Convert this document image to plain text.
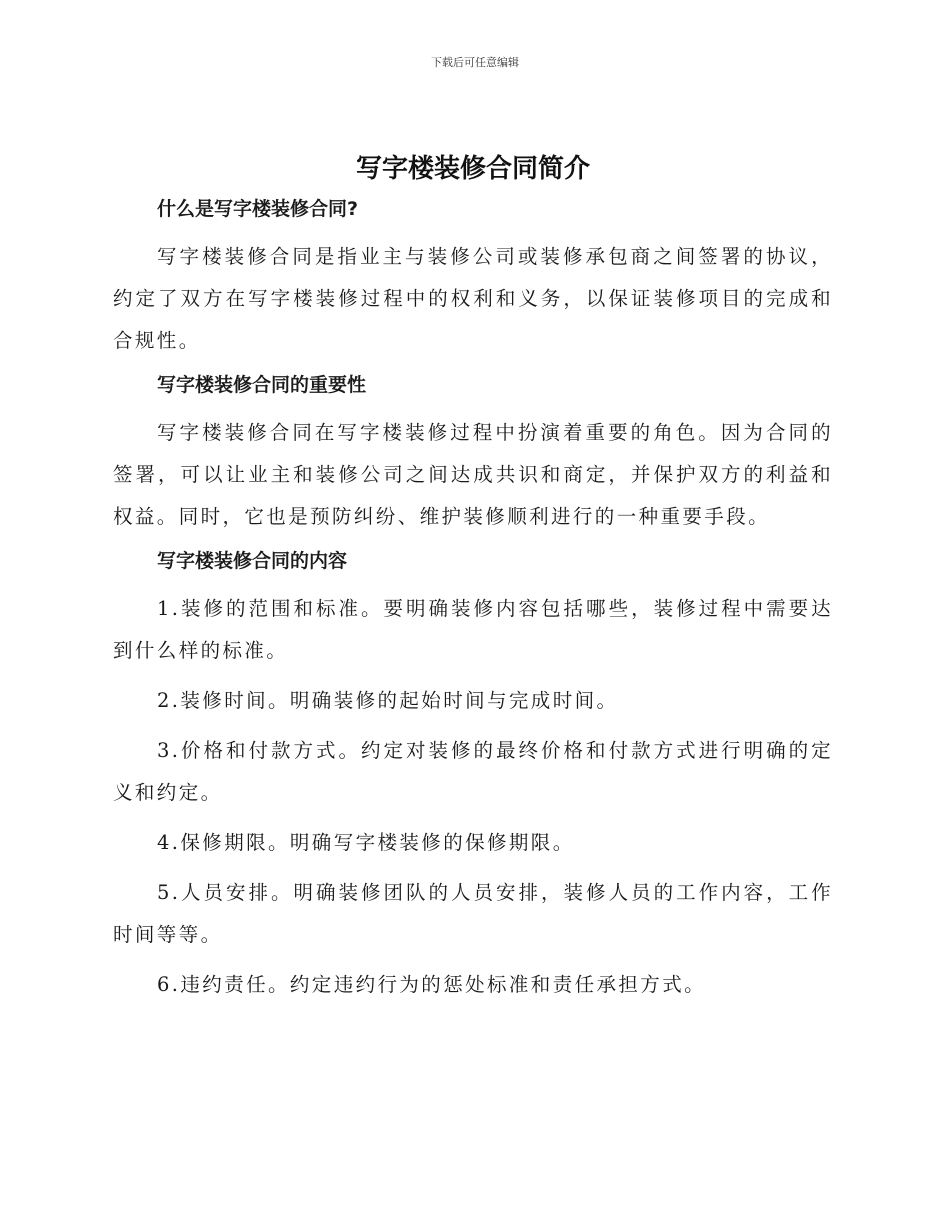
下载后可任意编辑
写字楼装修合同简介
什么是写字楼装修合同?

写字楼装修合同是指业主与装修公司或装修承包商之间签署的协议，约定了双方在写字楼装修过程中的权利和义务，以保证装修项目的完成和合规性。

写字楼装修合同的重要性

写字楼装修合同在写字楼装修过程中扮演着重要的角色。因为合同的签署，可以让业主和装修公司之间达成共识和商定，并保护双方的利益和权益。同时，它也是预防纠纷、维护装修顺利进行的一种重要手段。

写字楼装修合同的内容

1.装修的范围和标准。要明确装修内容包括哪些，装修过程中需要达到什么样的标准。

2.装修时间。明确装修的起始时间与完成时间。

3.价格和付款方式。约定对装修的最终价格和付款方式进行明确的定义和约定。

4.保修期限。明确写字楼装修的保修期限。

5.人员安排。明确装修团队的人员安排，装修人员的工作内容，工作时间等等。

6.违约责任。约定违约行为的惩处标准和责任承担方式。
